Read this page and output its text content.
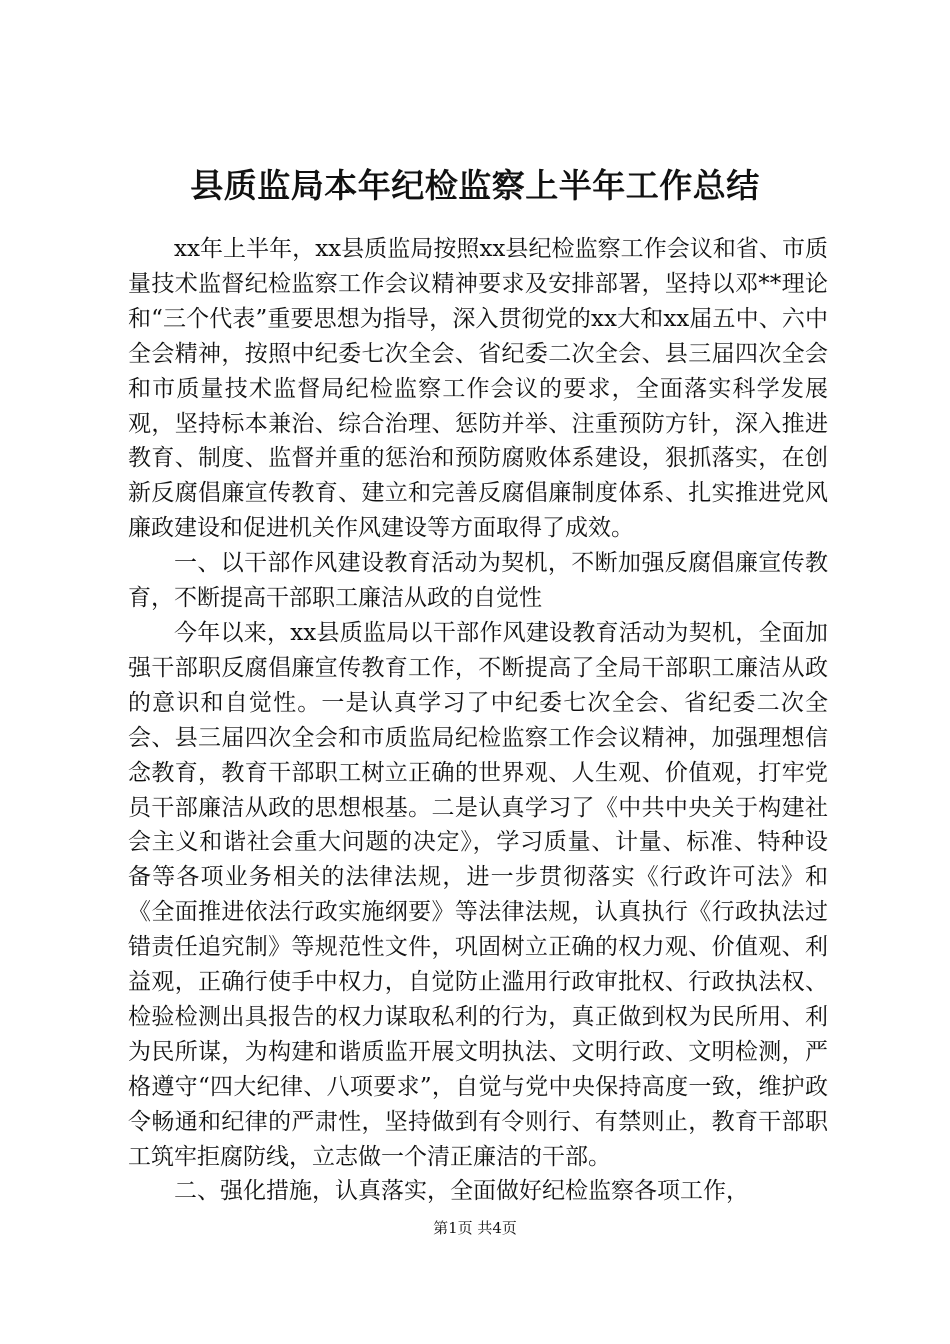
县质监局本年纪检监察上半年工作总结

xx年上半年，xx县质监局按照xx县纪检监察工作会议和省、市质量技术监督纪检监察工作会议精神要求及安排部署，坚持以邓**理论和“三个代表”重要思想为指导，深入贯彻党的xx大和xx届五中、六中全会精神，按照中纪委七次全会、省纪委二次全会、县三届四次全会和市质量技术监督局纪检监察工作会议的要求，全面落实科学发展观，坚持标本兼治、综合治理、惩防并举、注重预防方针，深入推进教育、制度、监督并重的惩治和预防腐败体系建设，狠抓落实，在创新反腐倡廉宣传教育、建立和完善反腐倡廉制度体系、扎实推进党风廉政建设和促进机关作风建设等方面取得了成效。

一、以干部作风建设教育活动为契机，不断加强反腐倡廉宣传教育，不断提高干部职工廉洁从政的自觉性

今年以来，xx县质监局以干部作风建设教育活动为契机，全面加强干部职反腐倡廉宣传教育工作，不断提高了全局干部职工廉洁从政的意识和自觉性。一是认真学习了中纪委七次全会、省纪委二次全会、县三届四次全会和市质监局纪检监察工作会议精神，加强理想信念教育，教育干部职工树立正确的世界观、人生观、价值观，打牢党员干部廉洁从政的思想根基。二是认真学习了《中共中央关于构建社会主义和谐社会重大问题的决定》，学习质量、计量、标准、特种设备等各项业务相关的法律法规，进一步贯彻落实《行政许可法》和《全面推进依法行政实施纲要》等法律法规，认真执行《行政执法过错责任追究制》等规范性文件，巩固树立正确的权力观、价值观、利益观，正确行使手中权力，自觉防止滥用行政审批权、行政执法权、检验检测出具报告的权力谋取私利的行为，真正做到权为民所用、利为民所谋，为构建和谐质监开展文明执法、文明行政、文明检测，严格遵守“四大纪律、八项要求”，自觉与党中央保持高度一致，维护政令畅通和纪律的严肃性，坚持做到有令则行、有禁则止，教育干部职工筑牢拒腐防线，立志做一个清正廉洁的干部。

二、强化措施，认真落实，全面做好纪检监察各项工作，

第1页 共4页
